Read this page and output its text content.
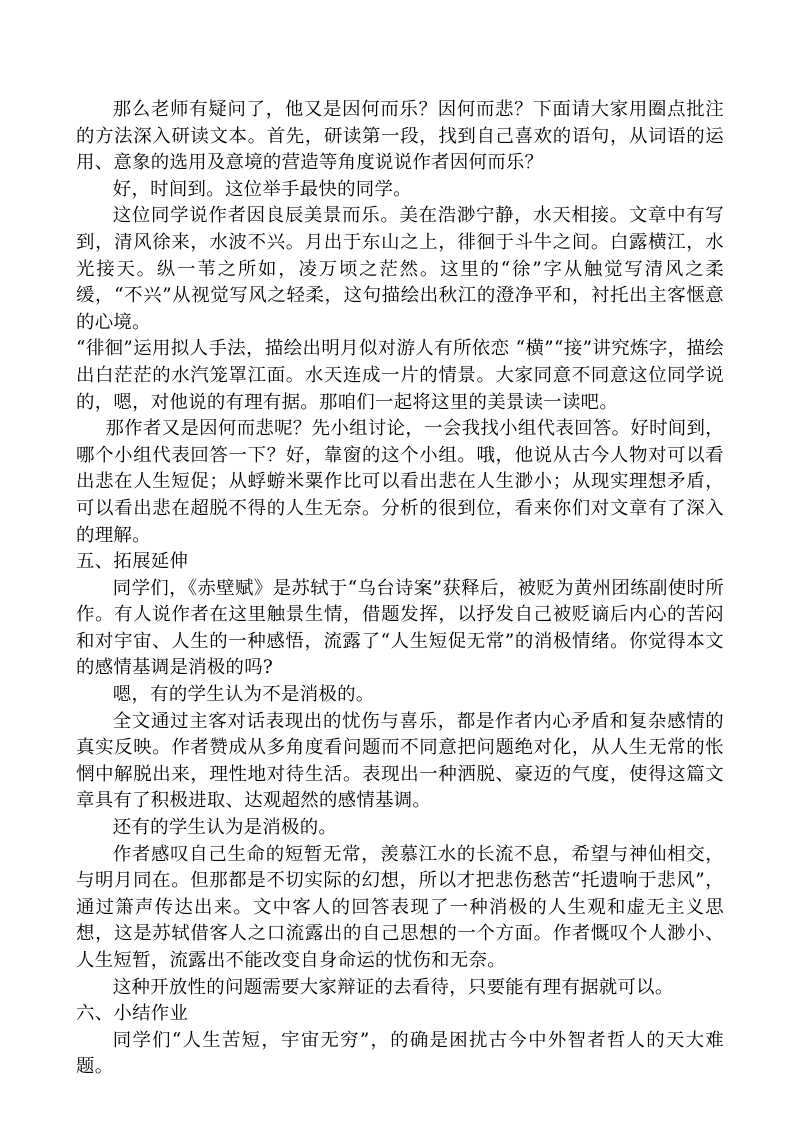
那么老师有疑问了，他又是因何而乐？因何而悲？下面请大家用圈点批注的方法深入研读文本。首先，研读第一段，找到自己喜欢的语句，从词语的运用、意象的选用及意境的营造等角度说说作者因何而乐？

好，时间到。这位举手最快的同学。

这位同学说作者因良辰美景而乐。美在浩渺宁静，水天相接。文章中有写到，清风徐来，水波不兴。月出于东山之上，徘徊于斗牛之间。白露横江，水光接天。纵一苇之所如，凌万顷之茫然。这里的“徐”字从触觉写清风之柔缓，“不兴”从视觉写风之轻柔，这句描绘出秋江的澄净平和，衬托出主客惬意的心境。

“徘徊”运用拟人手法，描绘出明月似对游人有所依恋 “横”“接”讲究炼字，描绘出白茫茫的水汽笼罩江面。水天连成一片的情景。大家同意不同意这位同学说的，嗯，对他说的有理有据。那咱们一起将这里的美景读一读吧。

那作者又是因何而悲呢？先小组讨论，一会我找小组代表回答。好时间到，哪个小组代表回答一下？好，靠窗的这个小组。哦，他说从古今人物对可以看出悲在人生短促；从蜉蝣米粟作比可以看出悲在人生渺小；从现实理想矛盾，可以看出悲在超脱不得的人生无奈。分析的很到位，看来你们对文章有了深入的理解。

五、拓展延伸

同学们，《赤壁赋》是苏轼于“乌台诗案”获释后，被贬为黄州团练副使时所作。有人说作者在这里触景生情，借题发挥，以抒发自己被贬谪后内心的苦闷和对宇宙、人生的一种感悟，流露了“人生短促无常”的消极情绪。你觉得本文的感情基调是消极的吗?

嗯，有的学生认为不是消极的。

全文通过主客对话表现出的忧伤与喜乐，都是作者内心矛盾和复杂感情的真实反映。作者赞成从多角度看问题而不同意把问题绝对化，从人生无常的怅惘中解脱出来，理性地对待生活。表现出一种洒脱、豪迈的气度，使得这篇文章具有了积极进取、达观超然的感情基调。

还有的学生认为是消极的。

作者感叹自己生命的短暂无常，羡慕江水的长流不息，希望与神仙相交，与明月同在。但那都是不切实际的幻想，所以才把悲伤愁苦“托遗响于悲风”，通过箫声传达出来。文中客人的回答表现了一种消极的人生观和虚无主义思想，这是苏轼借客人之口流露出的自己思想的一个方面。作者慨叹个人渺小、人生短暂，流露出不能改变自身命运的忧伤和无奈。

这种开放性的问题需要大家辩证的去看待，只要能有理有据就可以。

六、小结作业

同学们“人生苦短，宇宙无穷”，的确是困扰古今中外智者哲人的天大难题。
